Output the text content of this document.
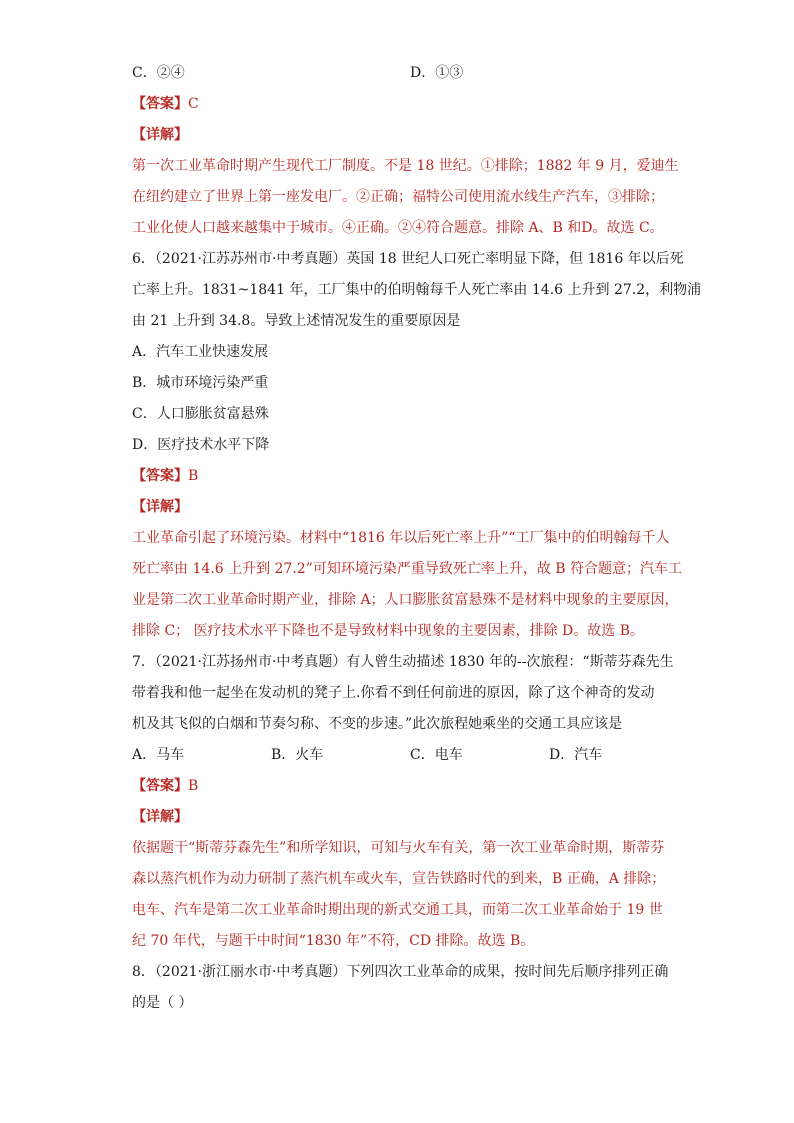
C．②④	D．①③
【答案】C
【详解】
第一次工业革命时期产生现代工厂制度。不是 18 世纪。①排除；1882 年 9 月，爱迪生
在纽约建立了世界上第一座发电厂。②正确；福特公司使用流水线生产汽车，③排除；
工业化使人口越来越集中于城市。④正确。②④符合题意。排除 A、B 和D。故选 C。
6．（2021·江苏苏州市·中考真题）英国 18 世纪人口死亡率明显下降，但 1816 年以后死
亡率上升。1831~1841 年，工厂集中的伯明翰每千人死亡率由 14.6 上升到 27.2，利物浦
由 21 上升到 34.8。导致上述情况发生的重要原因是
A．汽车工业快速发展
B．城市环境污染严重
C．人口膨胀贫富悬殊
D．医疗技术水平下降
【答案】B
【详解】
工业革命引起了环境污染。材料中“1816 年以后死亡率上升”“工厂集中的伯明翰每千人
死亡率由 14.6 上升到 27.2”可知环境污染严重导致死亡率上升，故 B 符合题意；汽车工
业是第二次工业革命时期产业，排除 A；人口膨胀贫富悬殊不是材料中现象的主要原因，
排除 C； 医疗技术水平下降也不是导致材料中现象的主要因素，排除 D。故选 B。
7．（2021·江苏扬州市·中考真题）有人曾生动描述 1830 年的--次旅程：“斯蒂芬森先生
带着我和他一起坐在发动机的凳子上.你看不到任何前进的原因，除了这个神奇的发动
机及其飞似的白烟和节奏匀称、不变的步速。”此次旅程她乘坐的交通工具应该是
A．马车	B．火车	C．电车	D．汽车
【答案】B
【详解】
依据题干“斯蒂芬森先生”和所学知识，可知与火车有关，第一次工业革命时期，斯蒂芬
森以蒸汽机作为动力研制了蒸汽机车或火车，宣告铁路时代的到来，B 正确，A 排除；
电车、汽车是第二次工业革命时期出现的新式交通工具，而第二次工业革命始于 19 世
纪 70 年代，与题干中时间“1830 年”不符，CD 排除。故选 B。
8．（2021·浙江丽水市·中考真题）下列四次工业革命的成果，按时间先后顺序排列正确
的是（ ）
